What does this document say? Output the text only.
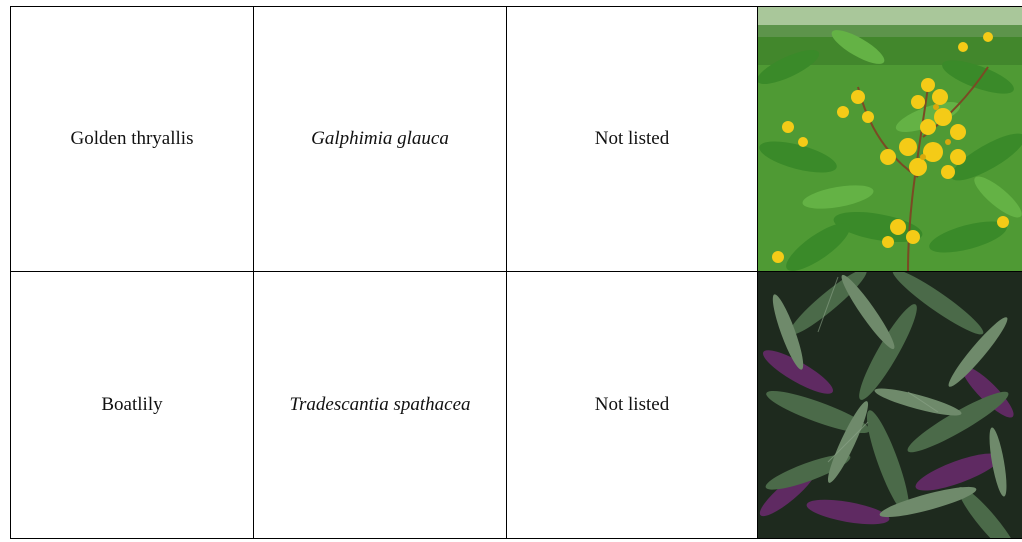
Golden thryallis	Galphimia glauca	Not listed	

Boatlily	Tradescantia spathacea	Not listed	
